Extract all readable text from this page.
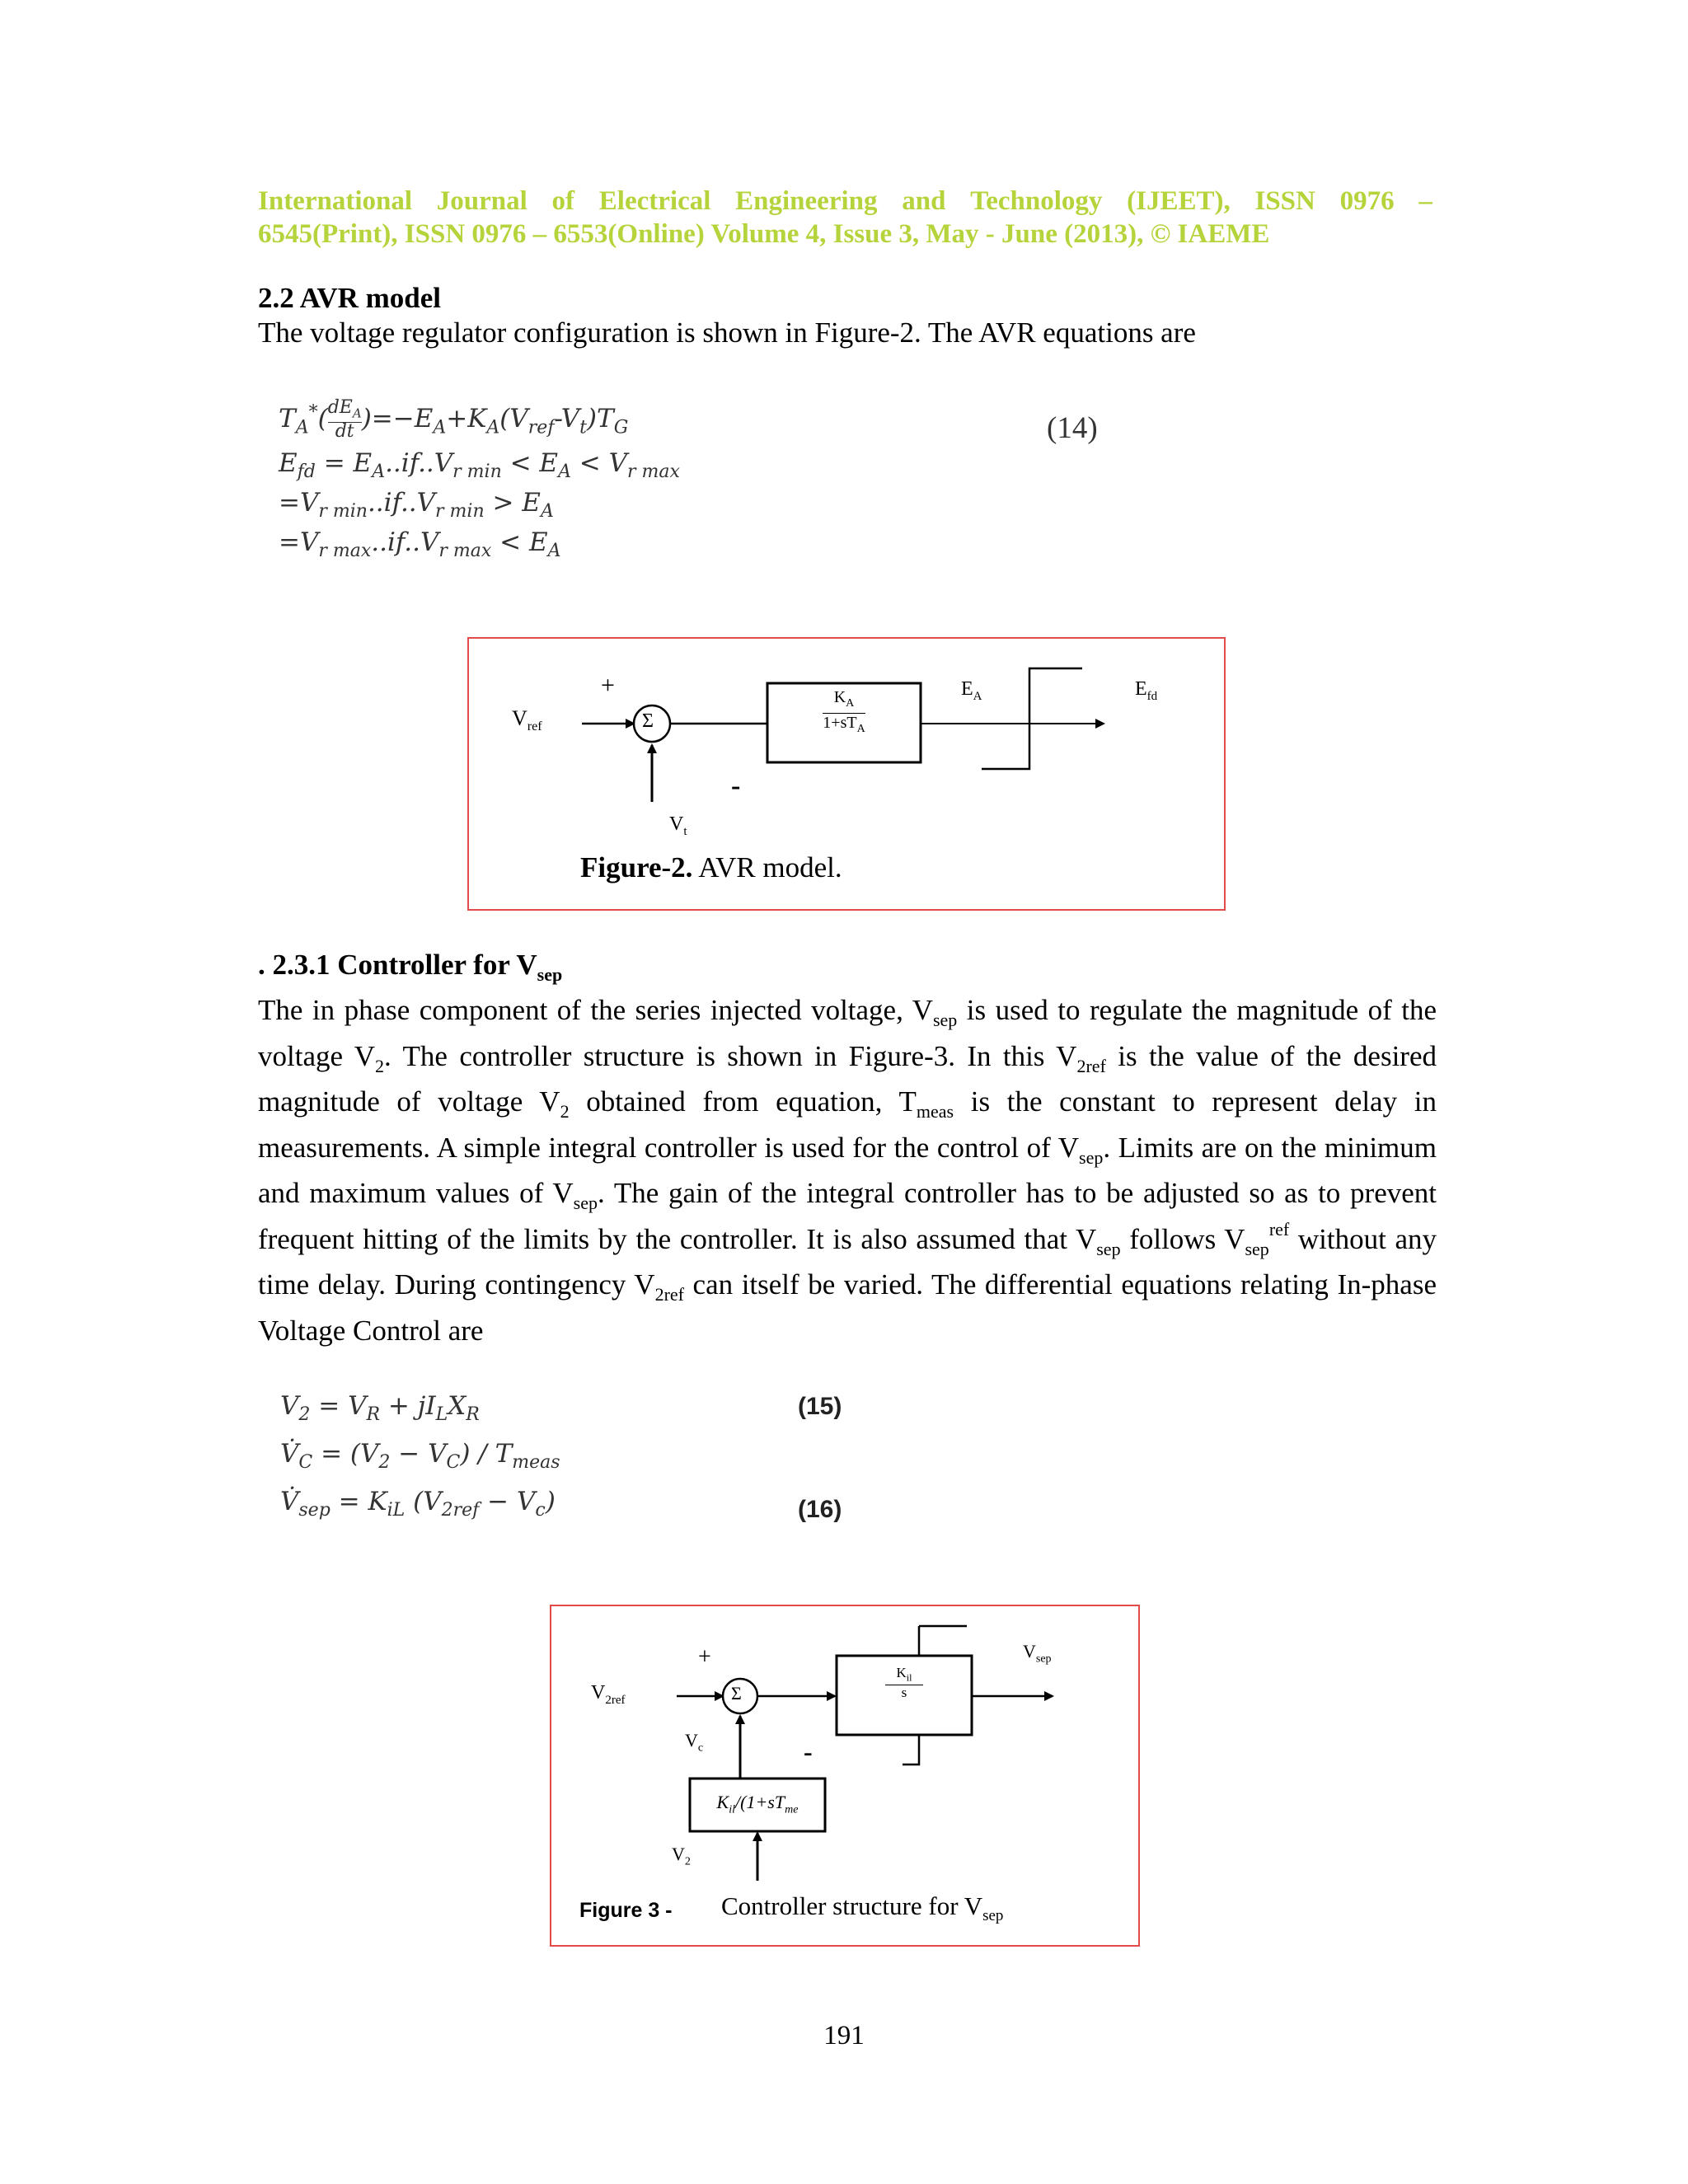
International Journal of Electrical Engineering and Technology (IJEET), ISSN 0976 –
6545(Print), ISSN 0976 – 6553(Online) Volume 4, Issue 3, May - June (2013), © IAEME
2.2 AVR model
The voltage regulator configuration is shown in Figure-2. The AVR equations are
$T_A^*$( $dE_A$
dt )$=-E_A+K_A(V_{ref}-V_t)T_G$
$E_{fd} = E_A..if..V_{r min} < E_A < V_{r max}$
$=V_{r min}..if..V_{r min} > E_A$
$=V_{r max}..if..V_{r max} < E_A$
(14)
$V_{ref}$
+
Σ
-
$K_A$
$1+sT_A$
$E_A$	$E_{fd}$
$V_t$
Figure-2. AVR model.
. 2.3.1 Controller for $V_{sep}$
The in phase component of the series injected voltage, $V_{sep}$ is used to regulate the magnitude of the voltage $V_2$. The controller structure is shown in Figure-3. In this $V_{2ref}$ is the value of the desired magnitude of voltage $V_2$ obtained from equation, $T_{meas}$ is the constant to represent delay in measurements. A simple integral controller is used for the control of $V_{sep}$. Limits are on the minimum and maximum values of $V_{sep}$. The gain of the integral controller has to be adjusted so as to prevent frequent hitting of the limits by the controller. It is also assumed that $V_{sep}$ follows $V_{sep}^{ref}$ without any time delay. During contingency $V_{2ref}$ can itself be varied. The differential equations relating In-phase Voltage Control are
$V_2 = V_R + jI_LX_R$
$V̇_C = (V_2 - V_C) / T_{meas}$
$V̇_{sep} = K_{iL}$ $(V_{2ref} - V_c)$
(15)
(16)
$V_{2ref}$
+
Σ
-
$K_{il}$
s
$V_{sep}$
$V_c$
$K_{il}/(1+sT_{me}$
$V_2$
Figure 3 - Controller structure for $V_{sep}$
191
